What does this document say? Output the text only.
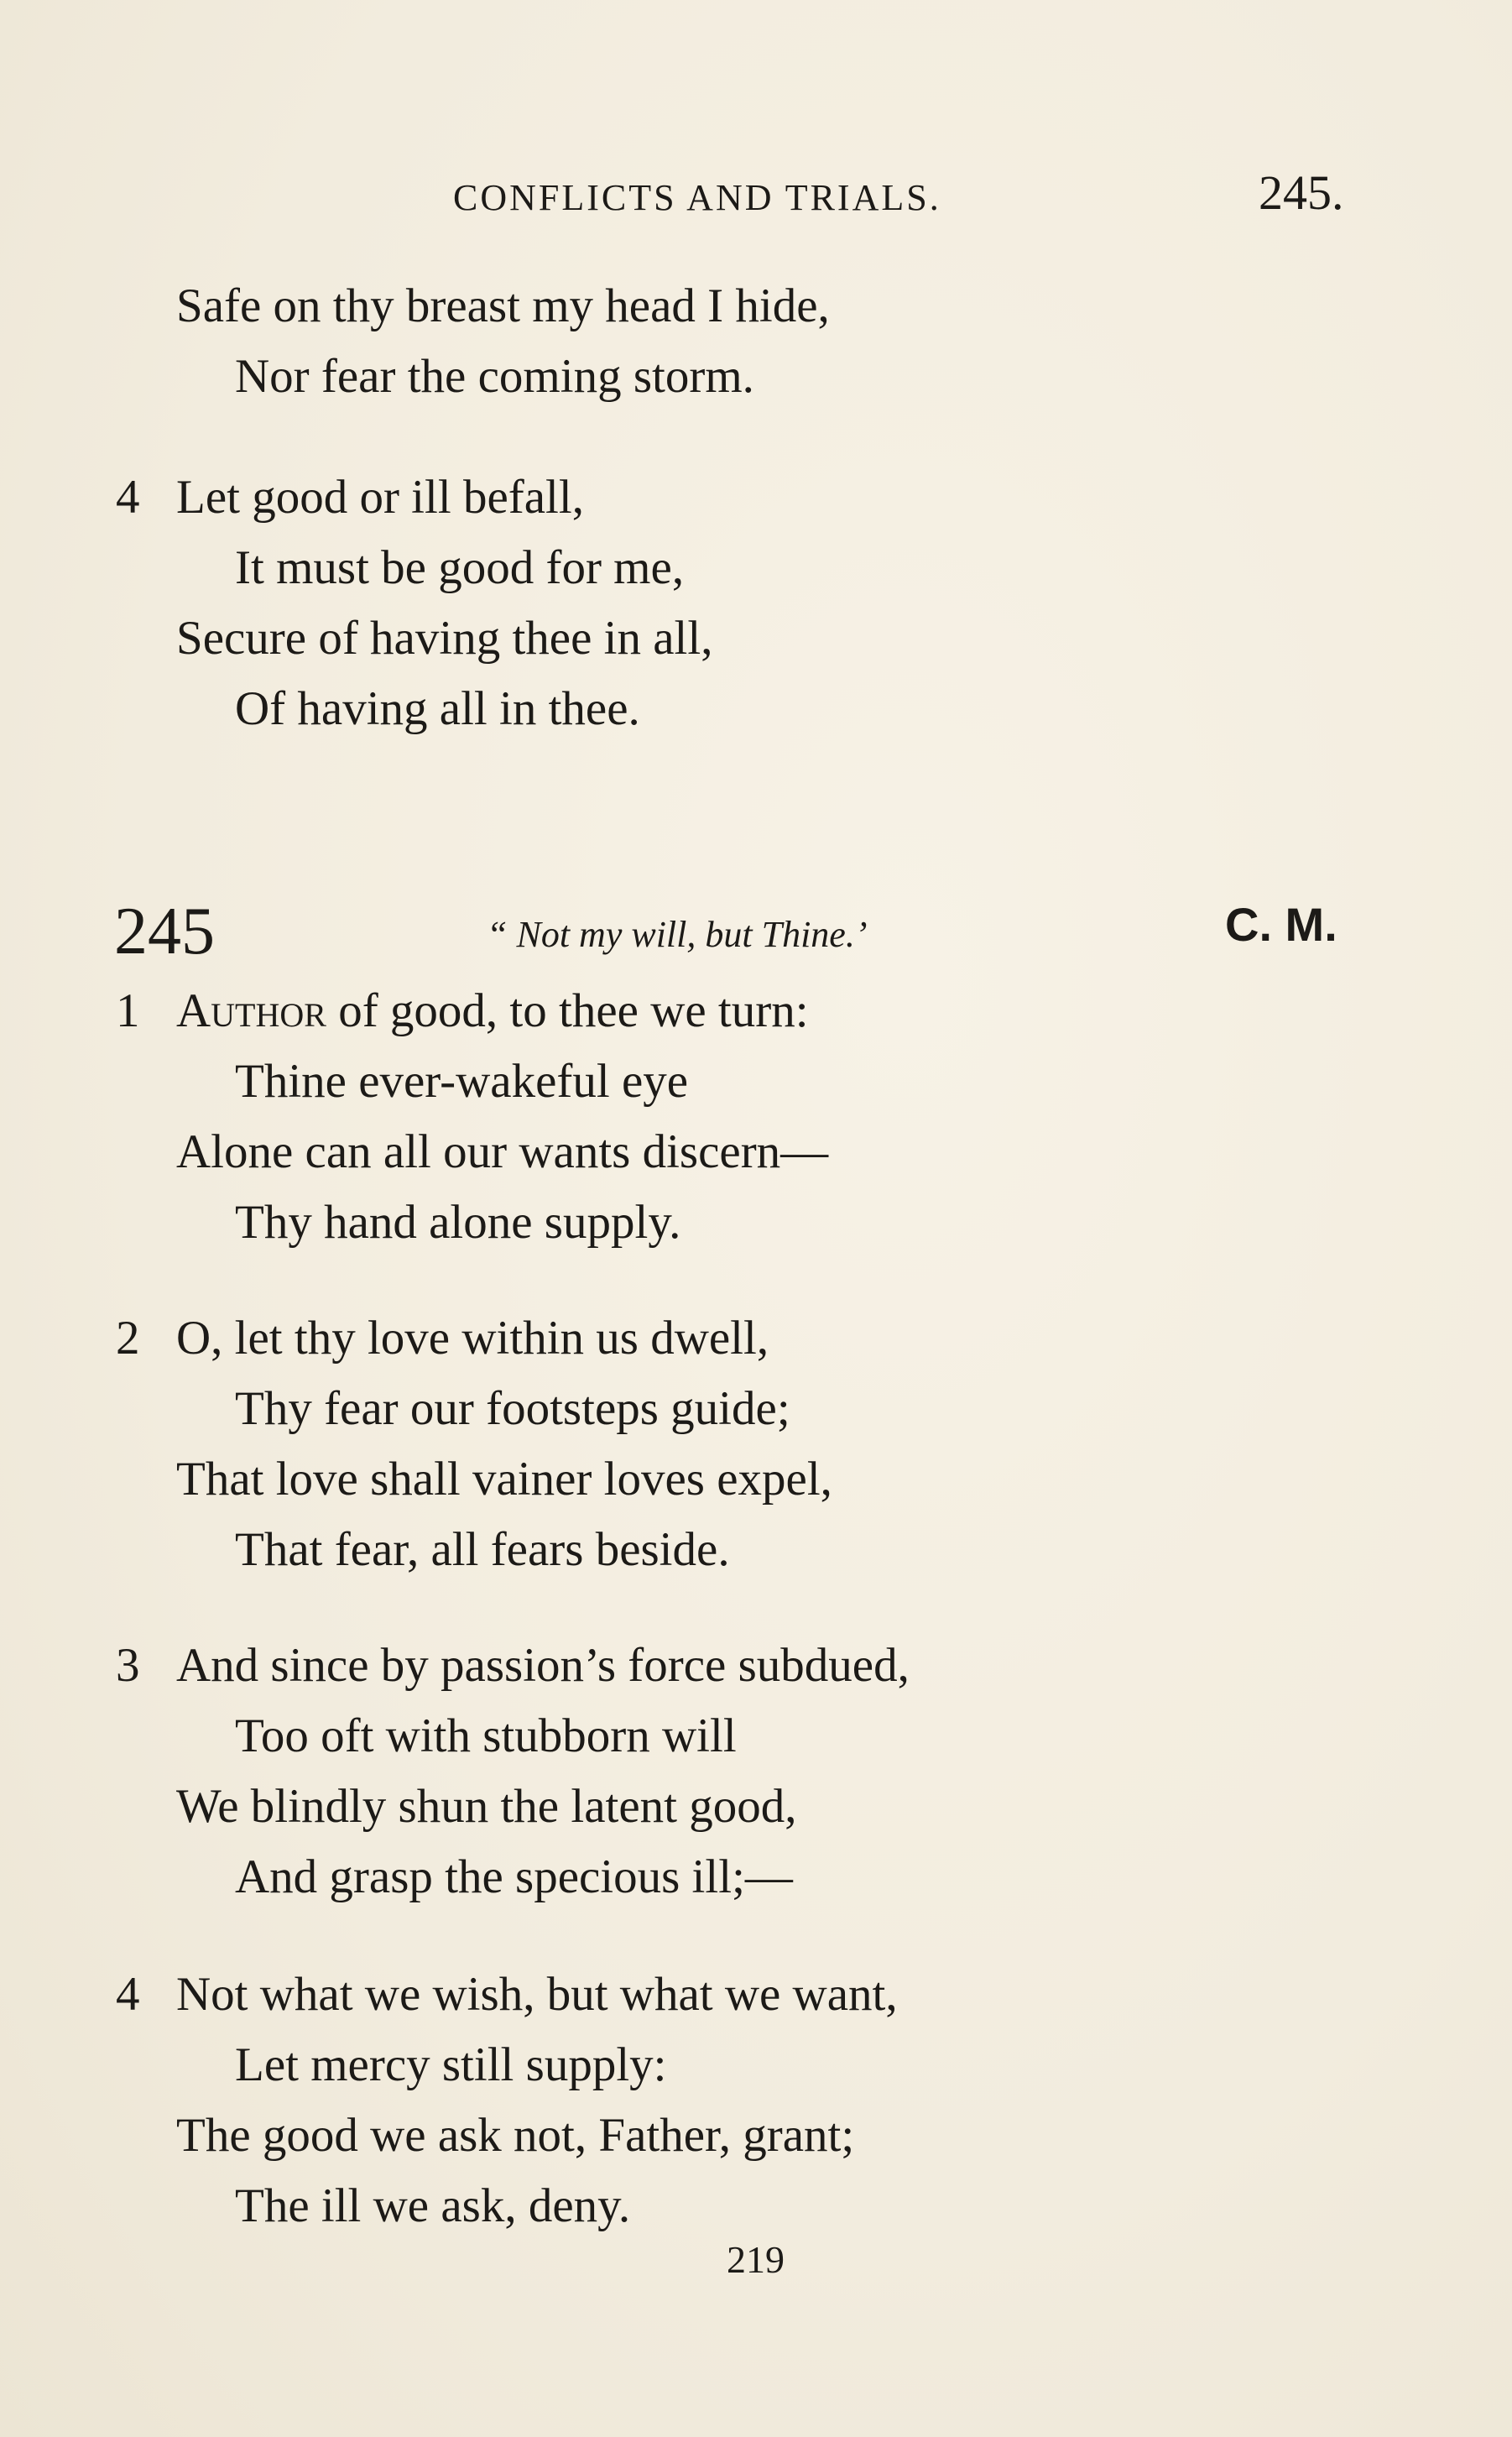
CONFLICTS AND TRIALS.	245.
Safe on thy breast my head I hide,
Nor fear the coming storm.
4 Let good or ill befall,
It must be good for me,
Secure of having thee in all,
Of having all in thee.
245	“ Not my will, but Thine.’	C. M.
1 Author of good, to thee we turn:
Thine ever-wakeful eye
Alone can all our wants discern—
Thy hand alone supply.
2 O, let thy love within us dwell,
Thy fear our footsteps guide;
That love shall vainer loves expel,
That fear, all fears beside.
3 And since by passion’s force subdued,
Too oft with stubborn will
We blindly shun the latent good,
And grasp the specious ill;—
4 Not what we wish, but what we want,
Let mercy still supply:
The good we ask not, Father, grant;
The ill we ask, deny.
219
